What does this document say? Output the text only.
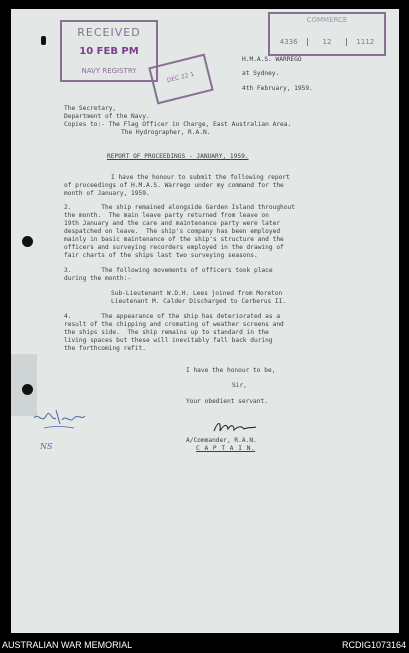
RECEIVED
10 FEB PM
NAVY REGISTRY	DEC 22 1
COMMERCE
4336	12	1112
H.M.A.S. WARREGO
at Sydney.
4th February, 1959.
The Secretary,
Department of the Navy.
Copies to:- The Flag Officer in Charge, East Australian Area.
The Hydrographer, R.A.N.
REPORT OF PROCEEDINGS - JANUARY, 1959.
I have the honour to submit the following report
of proceedings of H.M.A.S. Warrego under my command for the
month of January, 1959.
2.        The ship remained alongside Garden Island throughout
the month.  The main leave party returned from leave on
19th January and the care and maintenance party were later
despatched on leave.  The ship's company has been employed
mainly in basic maintenance of the ship's structure and the
officers and surveying recorders employed in the drawing of
fair charts of the ships last two surveying seasons.
3.        The following movements of officers took place
during the month:-
Sub-Lieutenant W.D.H. Lees joined from Moreton
Lieutenant M. Calder Discharged to Cerberus II.
4.        The appearance of the ship has deteriorated as a
result of the chipping and cromating of weather screens and
the ships side.  The ship remains up to standard in the
living spaces but these will inevitably fall back during
the forthcoming refit.
I have the honour to be,
Sir,
Your obedient servant.
A/Commander, R.A.N.
C A P T A I N.
NS
AUSTRALIAN WAR MEMORIAL	RCDIG1073164
